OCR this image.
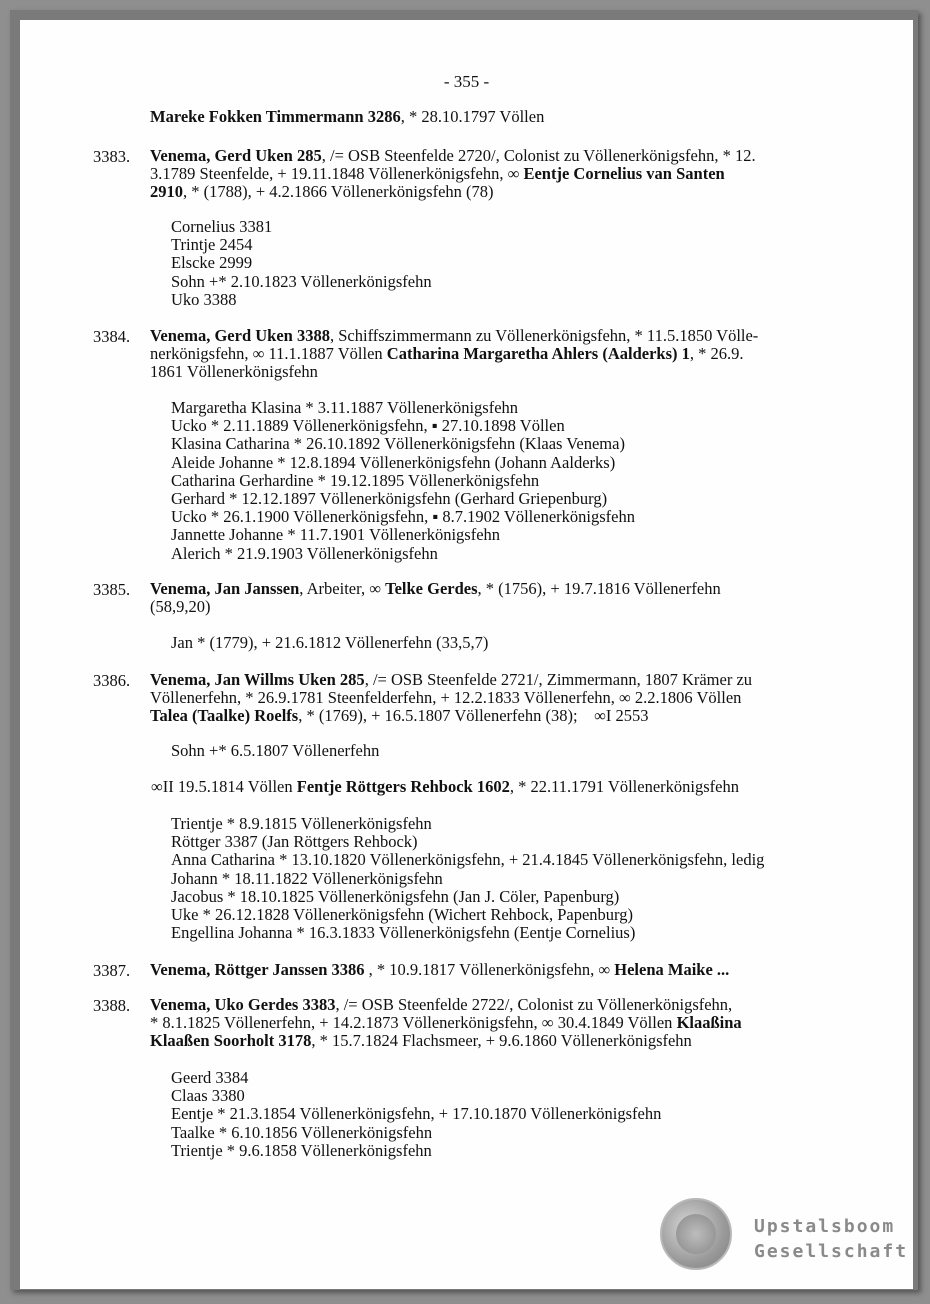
- 355 -
Mareke Fokken Timmermann 3286, * 28.10.1797 Völlen
3383. Venema, Gerd Uken 285, /= OSB Steenfelde 2720/, Colonist zu Völlenerkönigsfehn, * 12.
3.1789 Steenfelde, + 19.11.1848 Völlenerkönigsfehn, ∞ Eentje Cornelius van Santen
2910, * (1788), + 4.2.1866 Völlenerkönigsfehn (78)
Cornelius 3381
Trintje 2454
Elscke 2999
Sohn +* 2.10.1823 Völlenerkönigsfehn
Uko 3388
3384. Venema, Gerd Uken 3388, Schiffszimmermann zu Völlenerkönigsfehn, * 11.5.1850 Völle-
nerkönigsfehn, ∞ 11.1.1887 Völlen Catharina Margaretha Ahlers (Aalderks) 1, * 26.9.
1861 Völlenerkönigsfehn
Margaretha Klasina * 3.11.1887 Völlenerkönigsfehn
Ucko * 2.11.1889 Völlenerkönigsfehn, ▪ 27.10.1898 Völlen
Klasina Catharina * 26.10.1892 Völlenerkönigsfehn (Klaas Venema)
Aleide Johanne * 12.8.1894 Völlenerkönigsfehn (Johann Aalderks)
Catharina Gerhardine * 19.12.1895 Völlenerkönigsfehn
Gerhard * 12.12.1897 Völlenerkönigsfehn (Gerhard Griepenburg)
Ucko * 26.1.1900 Völlenerkönigsfehn, ▪ 8.7.1902 Völlenerkönigsfehn
Jannette Johanne * 11.7.1901 Völlenerkönigsfehn
Alerich * 21.9.1903 Völlenerkönigsfehn
3385. Venema, Jan Janssen, Arbeiter, ∞ Telke Gerdes, * (1756), + 19.7.1816 Völlenerfehn
(58,9,20)
Jan * (1779), + 21.6.1812 Völlenerfehn (33,5,7)
3386. Venema, Jan Willms Uken 285, /= OSB Steenfelde 2721/, Zimmermann, 1807 Krämer zu
Völlenerfehn, * 26.9.1781 Steenfelderfehn, + 12.2.1833 Völlenerfehn, ∞ 2.2.1806 Völlen
Talea (Taalke) Roelfs, * (1769), + 16.5.1807 Völlenerfehn (38);    ∞I 2553
Sohn +* 6.5.1807 Völlenerfehn
∞II 19.5.1814 Völlen Fentje Röttgers Rehbock 1602, * 22.11.1791 Völlenerkönigsfehn
Trientje * 8.9.1815 Völlenerkönigsfehn
Röttger 3387 (Jan Röttgers Rehbock)
Anna Catharina * 13.10.1820 Völlenerkönigsfehn, + 21.4.1845 Völlenerkönigsfehn, ledig
Johann * 18.11.1822 Völlenerkönigsfehn
Jacobus * 18.10.1825 Völlenerkönigsfehn (Jan J. Cöler, Papenburg)
Uke * 26.12.1828 Völlenerkönigsfehn (Wichert Rehbock, Papenburg)
Engellina Johanna * 16.3.1833 Völlenerkönigsfehn (Eentje Cornelius)
3387. Venema, Röttger Janssen 3386 , * 10.9.1817 Völlenerkönigsfehn, ∞ Helena Maike ...
3388. Venema, Uko Gerdes 3383, /= OSB Steenfelde 2722/, Colonist zu Völlenerkönigsfehn,
* 8.1.1825 Völlenerfehn, + 14.2.1873 Völlenerkönigsfehn, ∞ 30.4.1849 Völlen Klaaßina
Klaaßen Soorholt 3178, * 15.7.1824 Flachsmeer, + 9.6.1860 Völlenerkönigsfehn
Geerd 3384
Claas 3380
Eentje * 21.3.1854 Völlenerkönigsfehn, + 17.10.1870 Völlenerkönigsfehn
Taalke * 6.10.1856 Völlenerkönigsfehn
Trientje * 9.6.1858 Völlenerkönigsfehn
Upstalsboom
Gesellschaft
